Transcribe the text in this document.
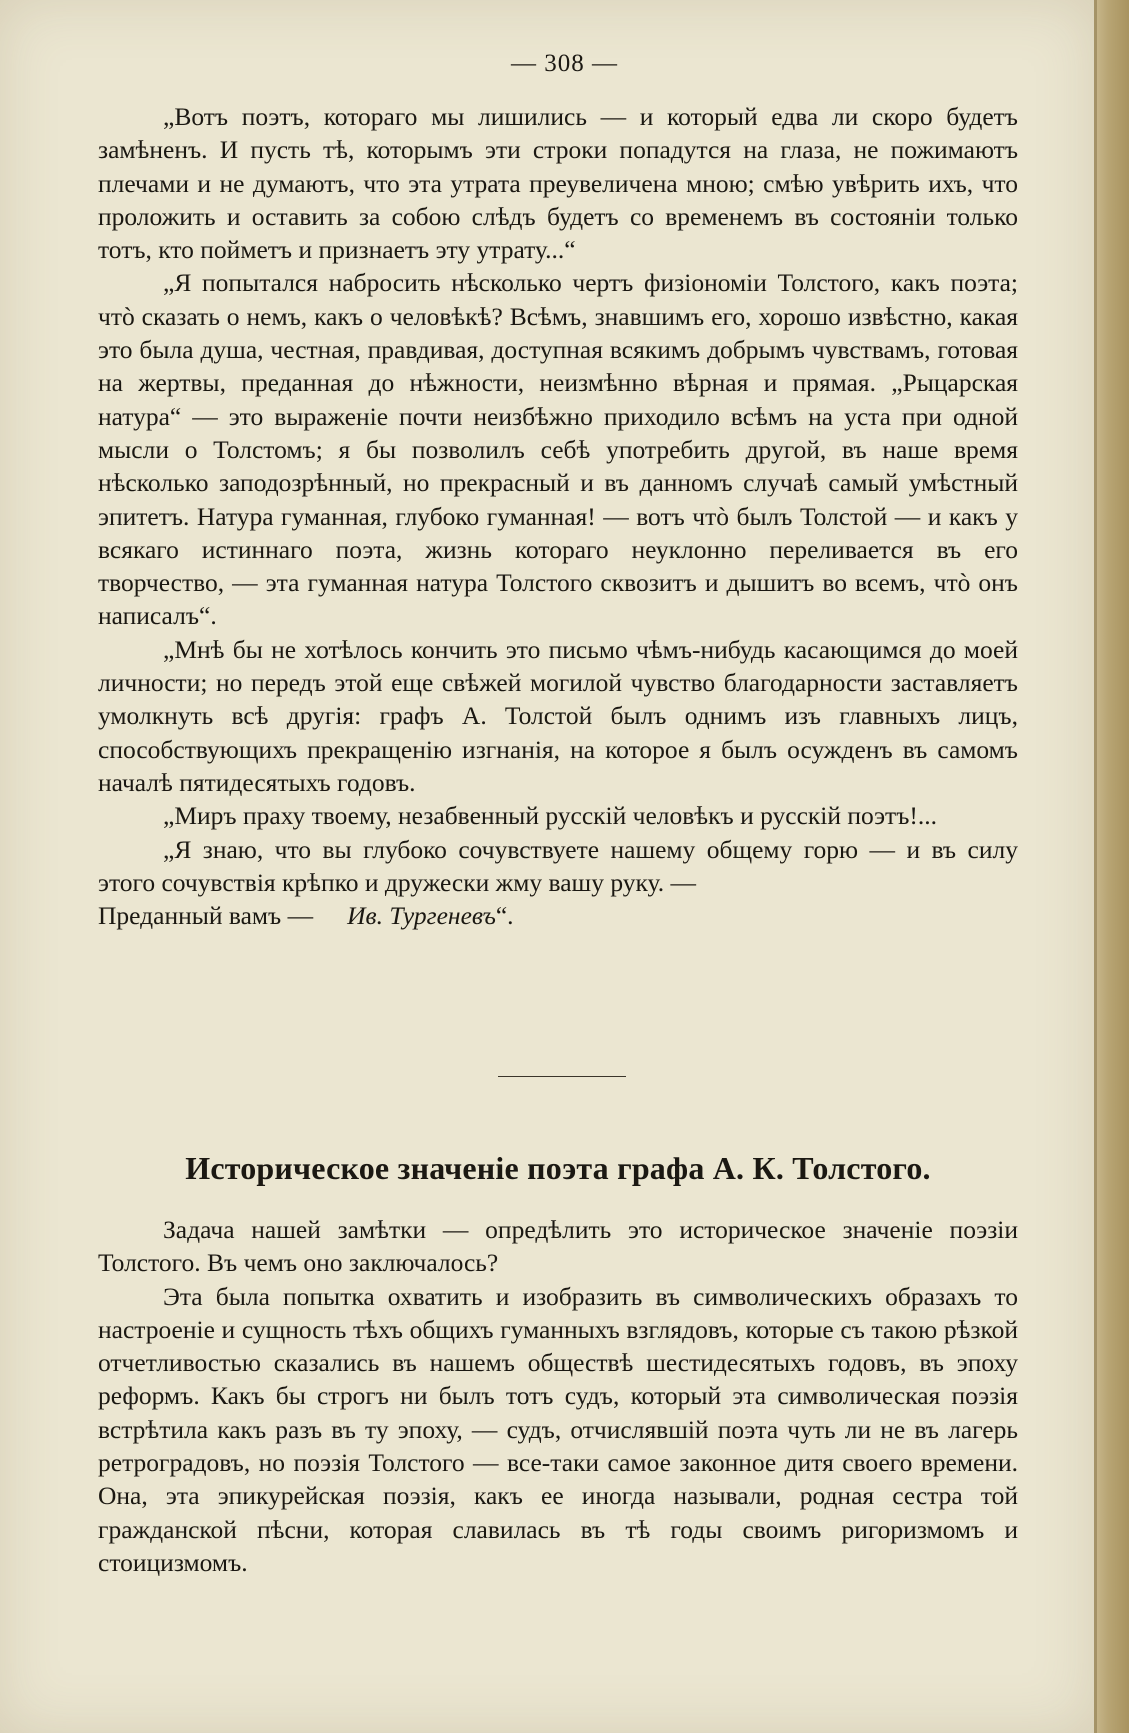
— 308 —

„Вотъ поэтъ, котораго мы лишились — и который едва ли скоро будетъ замѣненъ. И пусть тѣ, которымъ эти строки попадутся на глаза, не пожимаютъ плечами и не думаютъ, что эта утрата преувеличена мною; смѣю увѣрить ихъ, что проложить и оставить за собою слѣдъ будетъ со временемъ въ состоянiи только тотъ, кто пойметъ и признаетъ эту утрату...“

„Я попытался набросить нѣсколько чертъ физiономiи Толстого, какъ поэта; чтò сказать о немъ, какъ о человѣкѣ? Всѣмъ, знавшимъ его, хорошо извѣстно, какая это была душа, честная, правдивая, доступная всякимъ добрымъ чувствамъ, готовая на жертвы, преданная до нѣжности, неизмѣнно вѣрная и прямая. „Рыцарская натура“ — это выраженiе почти неизбѣжно приходило всѣмъ на уста при одной мысли о Толстомъ; я бы позволилъ себѣ употребить другой, въ наше время нѣсколько заподозрѣнный, но прекрасный и въ данномъ случаѣ самый умѣстный эпитетъ. Натура гуманная, глубоко гуманная! — вотъ чтò былъ Толстой — и какъ у всякаго истиннаго поэта, жизнь котораго неуклонно переливается въ его творчество, — эта гуманная натура Толстого сквозитъ и дышитъ во всемъ, чтò онъ написалъ“.

„Мнѣ бы не хотѣлось кончить это письмо чѣмъ-нибудь касающимся до моей личности; но передъ этой еще свѣжей могилой чувство благодарности заставляетъ умолкнуть всѣ другiя: графъ А. Толстой былъ однимъ изъ главныхъ лицъ, способствующихъ прекращенiю изгнанiя, на которое я былъ осужденъ въ самомъ началѣ пятидесятыхъ годовъ.

„Миръ праху твоему, незабвенный русскiй человѣкъ и русскiй поэтъ!...

„Я знаю, что вы глубоко сочувствуете нашему общему горю — и въ силу этого сочувствiя крѣпко и дружески жму вашу руку. —

Преданный вамъ — Ив. Тургеневъ“.

Историческое значенiе поэта графа А. К. Толстого.

Задача нашей замѣтки — опредѣлить это историческое значенiе поэзiи Толстого. Въ чемъ оно заключалось?

Эта была попытка охватить и изобразить въ символическихъ образахъ то настроенiе и сущность тѣхъ общихъ гуманныхъ взглядовъ, которые съ такою рѣзкой отчетливостью сказались въ нашемъ обществѣ шестидесятыхъ годовъ, въ эпоху реформъ. Какъ бы строгъ ни былъ тотъ судъ, который эта символическая поэзiя встрѣтила какъ разъ въ ту эпоху, — судъ, отчислявшiй поэта чуть ли не въ лагерь ретроградовъ, но поэзiя Толстого — все-таки самое законное дитя своего времени. Она, эта эпикурейская поэзiя, какъ ее иногда называли, родная сестра той гражданской пѣсни, которая славилась въ тѣ годы своимъ ригоризмомъ и стоицизмомъ.
